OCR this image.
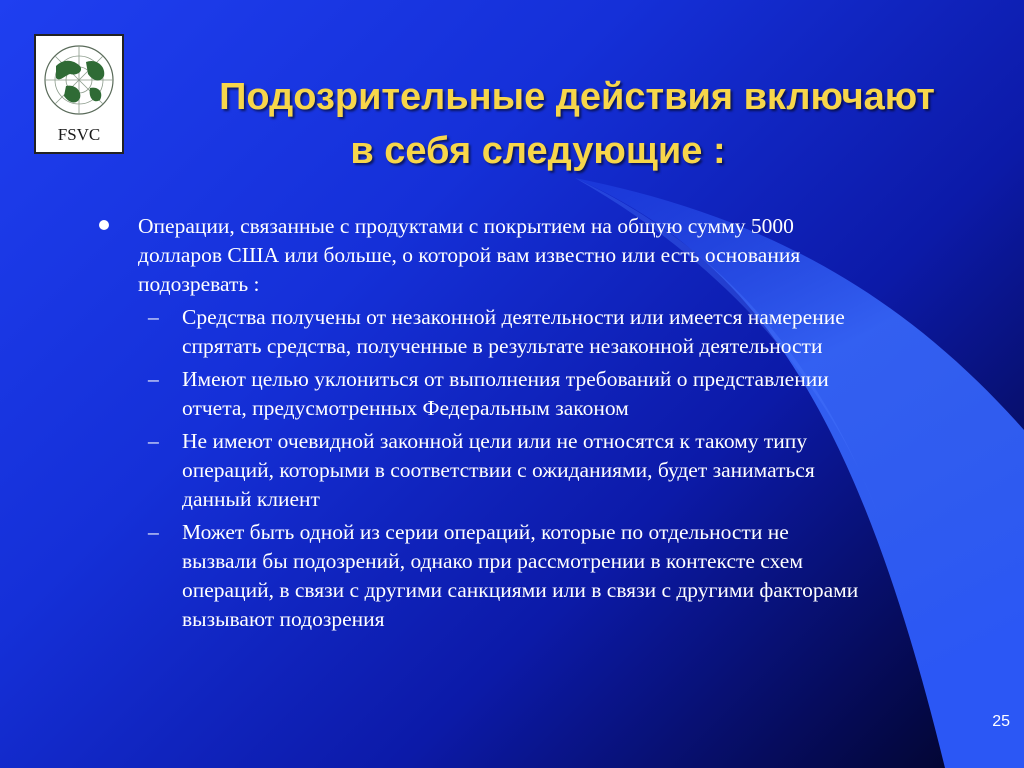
FSVC
Подозрительные действия включают
в себя следующие :
Операции, связанные с продуктами с покрытием на общую сумму 5000 долларов США или больше, о которой вам известно или есть основания подозревать :
– Средства получены от незаконной деятельности или имеется намерение спрятать средства, полученные в результате незаконной деятельности
– Имеют целью уклониться от выполнения требований о представлении отчета, предусмотренных Федеральным законом
– Не имеют очевидной законной цели или не относятся к такому типу операций, которыми в соответствии с ожиданиями, будет заниматься данный клиент
– Может быть одной из серии операций, которые по отдельности не вызвали бы подозрений, однако при рассмотрении в контексте схем операций, в связи с другими санкциями или в связи с другими факторами вызывают подозрения
25
